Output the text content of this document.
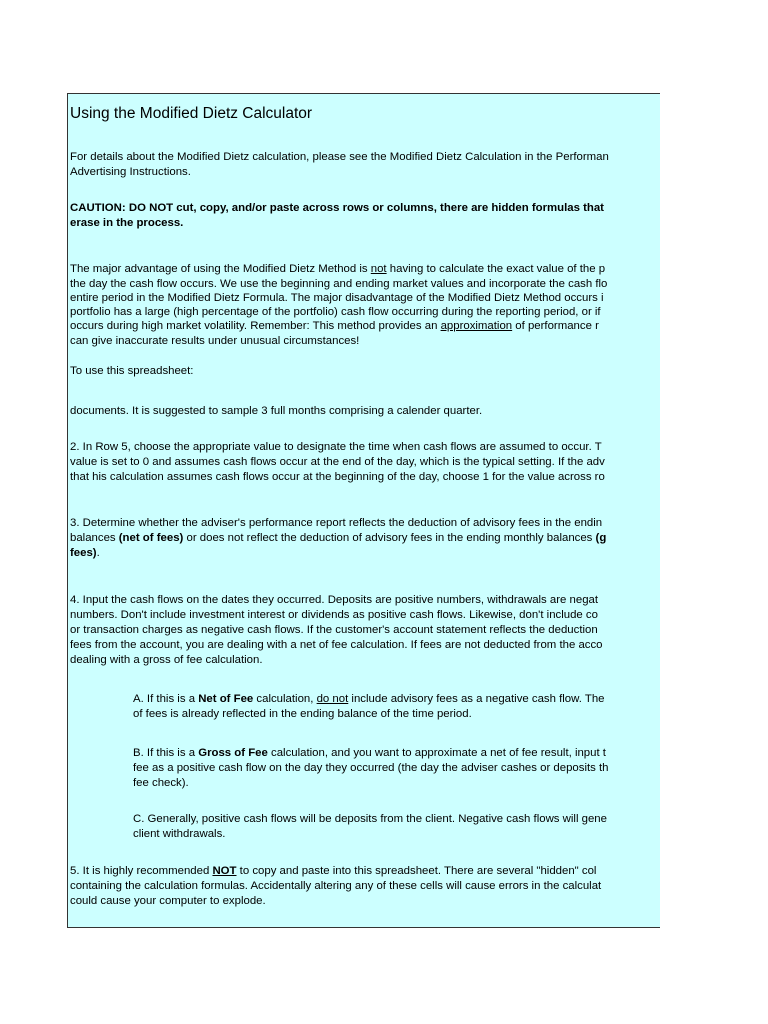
Using the Modified Dietz Calculator
For details about the Modified Dietz calculation, please see the Modified Dietz Calculation in the Performan
Advertising Instructions.
CAUTION: DO NOT cut, copy, and/or paste across rows or columns, there are hidden formulas that
erase in the process.
The major advantage of using the Modified Dietz Method is not having to calculate the exact value of the p
the day the cash flow occurs. We use the beginning and ending market values and incorporate the cash flo
entire period in the Modified Dietz Formula. The major disadvantage of the Modified Dietz Method occurs i
portfolio has a large (high percentage of the portfolio) cash flow occurring during the reporting period, or if
occurs during high market volatility. Remember: This method provides an approximation of performance r
can give inaccurate results under unusual circumstances!
To use this spreadsheet:
documents. It is suggested to sample 3 full months comprising a calender quarter.
2. In Row 5, choose the appropriate value to designate the time when cash flows are assumed to occur. T
value is set to 0 and assumes cash flows occur at the end of the day, which is the typical setting. If the adv
that his calculation assumes cash flows occur at the beginning of the day, choose 1 for the value across ro
3. Determine whether the adviser's performance report reflects the deduction of advisory fees in the endin
balances (net of fees) or does not reflect the deduction of advisory fees in the ending monthly balances (g
fees).
4. Input the cash flows on the dates they occurred. Deposits are positive numbers, withdrawals are negat
numbers. Don't include investment interest or dividends as positive cash flows. Likewise, don't include co
or transaction charges as negative cash flows. If the customer's account statement reflects the deduction
fees from the account, you are dealing with a net of fee calculation. If fees are not deducted from the acco
dealing with a gross of fee calculation.
A. If this is a Net of Fee calculation, do not include advisory fees as a negative cash flow. The
of fees is already reflected in the ending balance of the time period.
B. If this is a Gross of Fee calculation, and you want to approximate a net of fee result, input t
fee as a positive cash flow on the day they occurred (the day the adviser cashes or deposits th
fee check).
C. Generally, positive cash flows will be deposits from the client. Negative cash flows will gene
client withdrawals.
5. It is highly recommended NOT to copy and paste into this spreadsheet. There are several "hidden" col
containing the calculation formulas. Accidentally altering any of these cells will cause errors in the calculat
could cause your computer to explode.
